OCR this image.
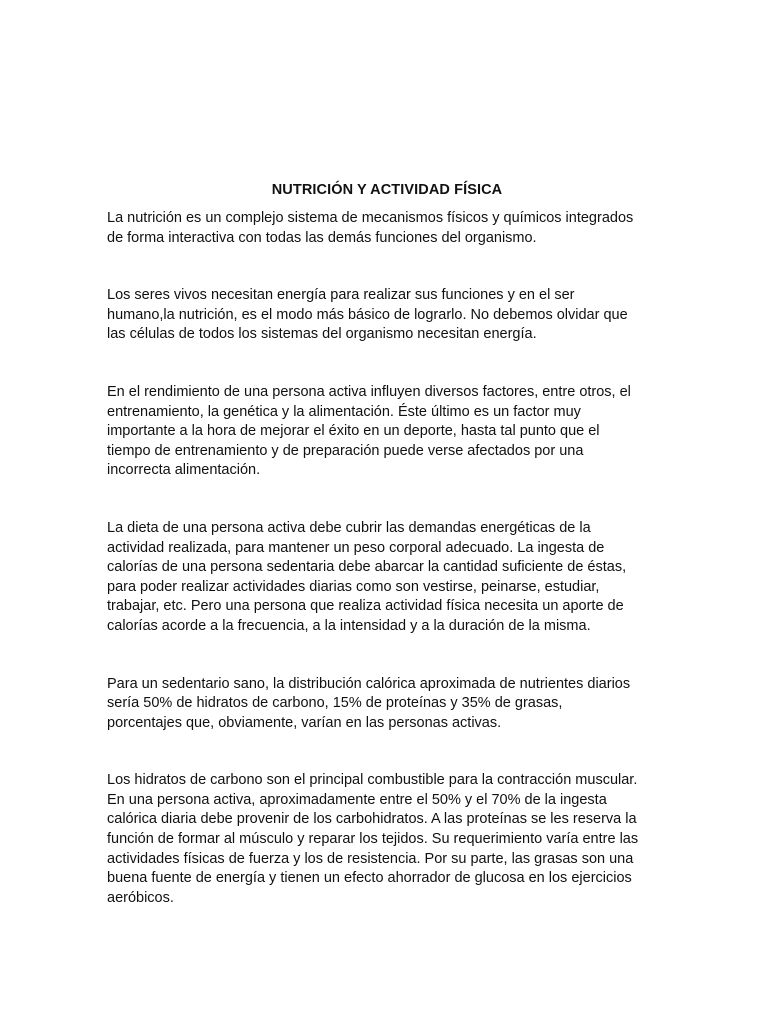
NUTRICIÓN Y ACTIVIDAD FÍSICA

La nutrición es un complejo sistema de mecanismos físicos y químicos integrados
de forma interactiva con todas las demás funciones del organismo.

Los seres vivos necesitan energía para realizar sus funciones y en el ser
humano,la nutrición, es el modo más básico de lograrlo. No debemos olvidar que
las células de todos los sistemas del organismo necesitan energía.

En el rendimiento de una persona activa influyen diversos factores, entre otros, el
entrenamiento, la genética y la alimentación. Éste último es un factor muy
importante a la hora de mejorar el éxito en un deporte, hasta tal punto que el
tiempo de entrenamiento y de preparación puede verse afectados por una
incorrecta alimentación.

La dieta de una persona activa debe cubrir las demandas energéticas de la
actividad realizada, para mantener un peso corporal adecuado. La ingesta de
calorías de una persona sedentaria debe abarcar la cantidad suficiente de éstas,
para poder realizar actividades diarias como son vestirse, peinarse, estudiar,
trabajar, etc. Pero una persona que realiza actividad física necesita un aporte de
calorías acorde a la frecuencia, a la intensidad y a la duración de la misma.

Para un sedentario sano, la distribución calórica aproximada de nutrientes diarios
sería 50% de hidratos de carbono, 15% de proteínas y 35% de grasas,
porcentajes que, obviamente, varían en las personas activas.

Los hidratos de carbono son el principal combustible para la contracción muscular.
En una persona activa, aproximadamente entre el 50% y el 70% de la ingesta
calórica diaria debe provenir de los carbohidratos. A las proteínas se les reserva la
función de formar al músculo y reparar los tejidos. Su requerimiento varía entre las
actividades físicas de fuerza y los de resistencia. Por su parte, las grasas son una
buena fuente de energía y tienen un efecto ahorrador de glucosa en los ejercicios
aeróbicos.
